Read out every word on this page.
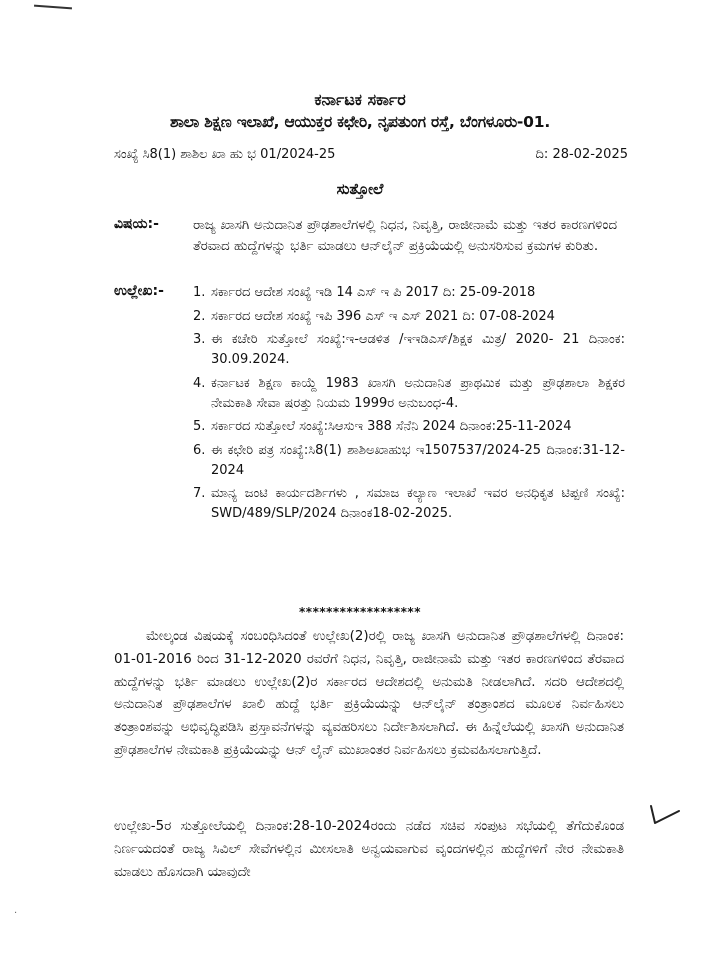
ಕರ್ನಾಟಕ ಸರ್ಕಾರ
ಶಾಲಾ ಶಿಕ್ಷಣ ಇಲಾಖೆ, ಆಯುಕ್ತರ ಕಛೇರಿ, ನೃಪತುಂಗ ರಸ್ತೆ, ಬೆಂಗಳೂರು-01.
ಸಂಖ್ಯೆ ಸಿ8(1) ಶಾಶಿಲ ಖಾ ಹು ಭ 01/2024-25	ದಿ: 28-02-2025
ಸುತ್ತೋಲೆ
ವಿಷಯ:-	ರಾಜ್ಯ ಖಾಸಗಿ ಅನುದಾನಿತ ಪ್ರೌಢಶಾಲೆಗಳಲ್ಲಿ ನಿಧನ, ನಿವೃತ್ತಿ, ರಾಜೀನಾಮೆ ಮತ್ತು ಇತರ ಕಾರಣಗಳಿಂದ ತೆರವಾದ ಹುದ್ದೆಗಳನ್ನು ಭರ್ತಿ ಮಾಡಲು ಆನ್‌ಲೈನ್ ಪ್ರಕ್ರಿಯೆಯಲ್ಲಿ ಅನುಸರಿಸುವ ಕ್ರಮಗಳ ಕುರಿತು.
ಉಲ್ಲೇಖ:- 1. ಸರ್ಕಾರದ ಆದೇಶ ಸಂಖ್ಯೆ ಇಡಿ 14 ಎಸ್ ಇ ಪಿ 2017 ದಿ: 25-09-2018
2. ಸರ್ಕಾರದ ಆದೇಶ ಸಂಖ್ಯೆ ಇಪಿ 396 ಎಸ್ ಇ ಎಸ್ 2021 ದಿ: 07-08-2024
3. ಈ ಕಚೇರಿ ಸುತ್ತೋಲೆ ಸಂಖ್ಯೆ:ಇ-ಆಡಳಿತ /ಇಇಡಿಎಸ್/ಶಿಕ್ಷಕ ಮಿತ್ರ/ 2020- 21 ದಿನಾಂಕ: 30.09.2024.
4. ಕರ್ನಾಟಕ ಶಿಕ್ಷಣ ಕಾಯ್ದೆ 1983 ಖಾಸಗಿ ಅನುದಾನಿತ ಪ್ರಾಥಮಿಕ ಮತ್ತು ಪ್ರೌಢಶಾಲಾ ಶಿಕ್ಷಕರ ನೇಮಕಾತಿ ಸೇವಾ ಷರತ್ತು ನಿಯಮ 1999ರ ಅನುಬಂಧ-4.
5. ಸರ್ಕಾರದ ಸುತ್ತೋಲೆ ಸಂಖ್ಯೆ:ಸಿಆಸುಇ 388 ಸೆನೆನಿ 2024 ದಿನಾಂಕ:25-11-2024
6. ಈ ಕಛೇರಿ ಪತ್ರ ಸಂಖ್ಯೆ:ಸಿ8(1) ಶಾಶಿಅಖಾಹುಭ ಇ1507537/2024-25 ದಿನಾಂಕ:31-12-2024
7. ಮಾನ್ಯ ಜಂಟಿ ಕಾರ್ಯದರ್ಶಿಗಳು , ಸಮಾಜ ಕಲ್ಯಾಣ ಇಲಾಖೆ ಇವರ ಅನಧಿಕೃತ ಟಿಪ್ಪಣಿ ಸಂಖ್ಯೆ: SWD/489/SLP/2024 ದಿನಾಂಕ18-02-2025.
******************
ಮೇಲ್ಕಂಡ ವಿಷಯಕ್ಕೆ ಸಂಬಂಧಿಸಿದಂತೆ ಉಲ್ಲೇಖ(2)ರಲ್ಲಿ ರಾಜ್ಯ ಖಾಸಗಿ ಅನುದಾನಿತ ಪ್ರೌಢಶಾಲೆಗಳಲ್ಲಿ ದಿನಾಂಕ: 01-01-2016 ರಿಂದ 31-12-2020 ರವರೆಗೆ ನಿಧನ, ನಿವೃತ್ತಿ, ರಾಜೀನಾಮೆ ಮತ್ತು ಇತರ ಕಾರಣಗಳಿಂದ ತೆರವಾದ ಹುದ್ದೆಗಳನ್ನು ಭರ್ತಿ ಮಾಡಲು ಉಲ್ಲೇಖ(2)ರ ಸರ್ಕಾರದ ಆದೇಶದಲ್ಲಿ ಅನುಮತಿ ನೀಡಲಾಗಿದೆ. ಸದರಿ ಆದೇಶದಲ್ಲಿ ಅನುದಾನಿತ ಪ್ರೌಢಶಾಲೆಗಳ ಖಾಲಿ ಹುದ್ದೆ ಭರ್ತಿ ಪ್ರಕ್ರಿಯೆಯನ್ನು ಆನ್‌ಲೈನ್ ತಂತ್ರಾಂಶದ ಮೂಲಕ ನಿರ್ವಹಿಸಲು ತಂತ್ರಾಂಶವನ್ನು ಅಭಿವೃದ್ಧಿಪಡಿಸಿ ಪ್ರಸ್ತಾವನೆಗಳನ್ನು ವ್ಯವಹರಿಸಲು ನಿರ್ದೇಶಿಸಲಾಗಿದೆ. ಈ ಹಿನ್ನೆಲೆಯಲ್ಲಿ ಖಾಸಗಿ ಅನುದಾನಿತ ಪ್ರೌಢಶಾಲೆಗಳ ನೇಮಕಾತಿ ಪ್ರಕ್ರಿಯೆಯನ್ನು ಆನ್ ಲೈನ್ ಮುಖಾಂತರ ನಿರ್ವಹಿಸಲು ಕ್ರಮವಹಿಸಲಾಗುತ್ತಿದೆ.
ಉಲ್ಲೇಖ-5ರ ಸುತ್ತೋಲೆಯಲ್ಲಿ ದಿನಾಂಕ:28-10-2024ರಂದು ನಡೆದ ಸಚಿವ ಸಂಪುಟ ಸಭೆಯಲ್ಲಿ ತೆಗೆದುಕೊಂಡ ನಿರ್ಣಯದಂತೆ ರಾಜ್ಯ ಸಿವಿಲ್ ಸೇವೆಗಳಲ್ಲಿನ ಮೀಸಲಾತಿ ಅನ್ವಯವಾಗುವ ವೃಂದಗಳಲ್ಲಿನ ಹುದ್ದೆಗಳಿಗೆ ನೇರ ನೇಮಕಾತಿ ಮಾಡಲು ಹೊಸದಾಗಿ ಯಾವುದೇ
·
